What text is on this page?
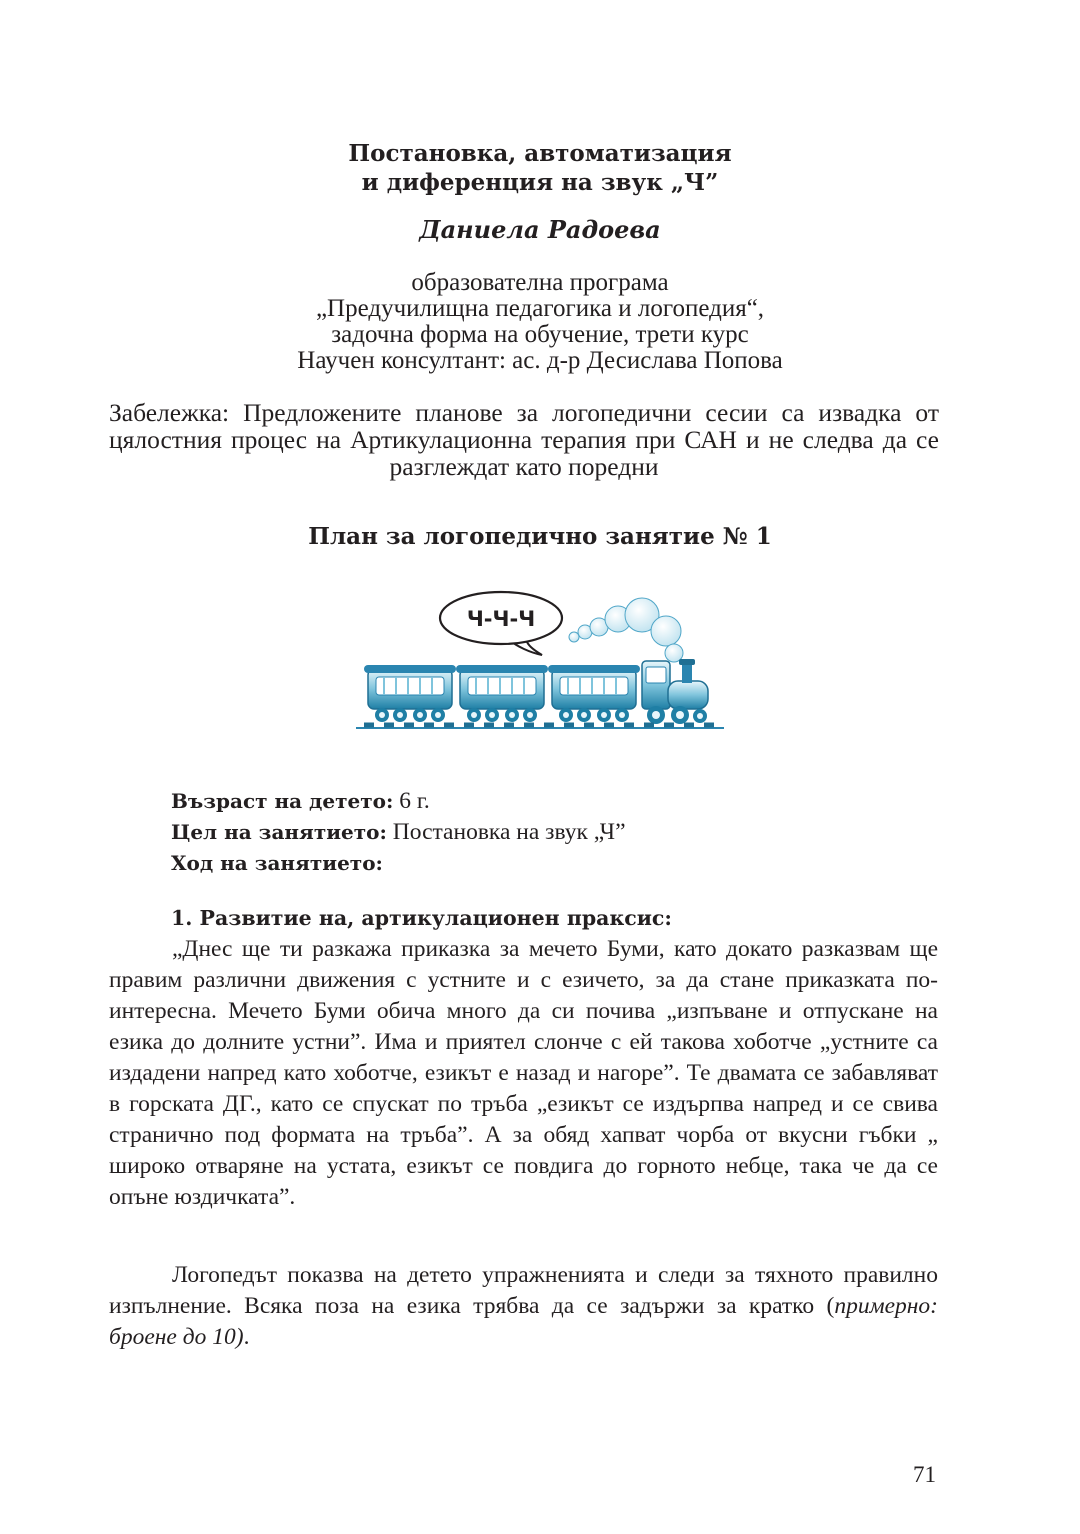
Постановка, автоматизация
и диференция на звук „Ч”
Даниела Радоева
образователна програма
„Предучилищна педагогика и логопедия“,
задочна форма на обучение, трети курс
Научен консултант: ас. д-р Десислава Попова
Забележка: Предложените планове за логопедични сесии са извадка от цялостния процес на Артикулационна терапия при САН и не следва да се разглеждат като поредни
План за логопедично занятие № 1
Ч-Ч-Ч
Възраст на детето: 6 г.
Цел на занятието: Постановка на звук „Ч”
Ход на занятието:
1. Развитие на, артикулационен праксис:

„Днес ще ти разкажа приказка за мечето Буми, като докато разказвам ще правим различни движения с устните и с езичето, за да стане приказката по-интересна. Мечето Буми обича много да си почива „изпъване и отпускане на езика до долните устни”. Има и приятел слонче с ей такова хоботче „устните са издадени напред като хоботче, езикът е назад и нагоре”. Те двамата се забавляват в горската ДГ., като се спускат по тръба „езикът се издърпва напред и се свива странично под формата на тръба”. А за обяд хапват чорба от вкусни гъбки „ широко отваряне на устата, езикът се повдига до горното небце, така че да се опъне юздичката”.

Логопедът показва на детето упражненията и следи за тяхното правилно изпълнение. Всяка поза на езика трябва да се задържи за кратко (примерно: броене до 10).

71
